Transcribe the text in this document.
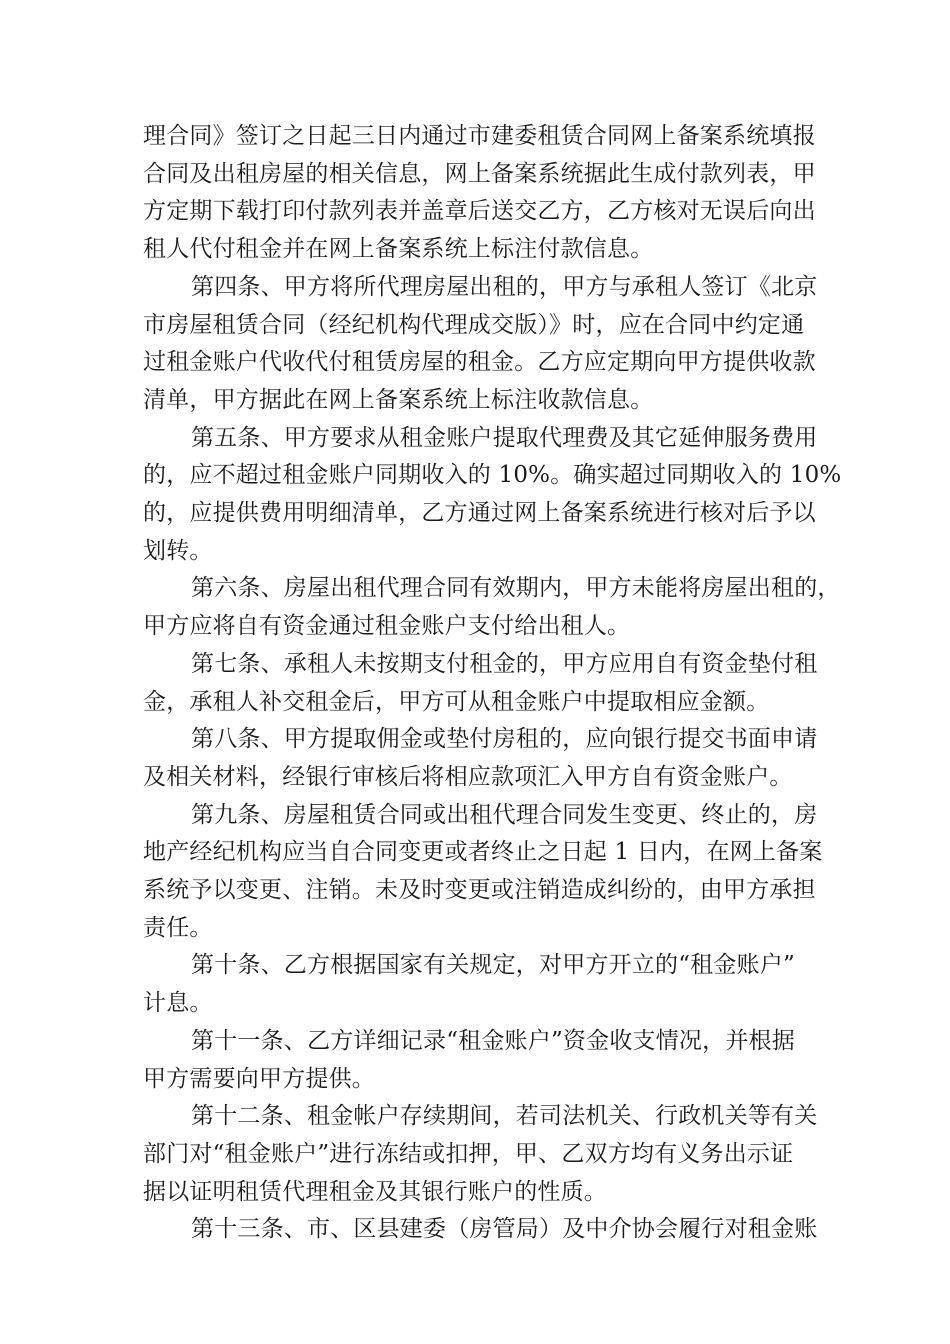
理合同》签订之日起三日内通过市建委租赁合同网上备案系统填报
合同及出租房屋的相关信息，网上备案系统据此生成付款列表，甲
方定期下载打印付款列表并盖章后送交乙方，乙方核对无误后向出
租人代付租金并在网上备案系统上标注付款信息。

第四条、甲方将所代理房屋出租的，甲方与承租人签订《北京
市房屋租赁合同（经纪机构代理成交版）》时，应在合同中约定通
过租金账户代收代付租赁房屋的租金。乙方应定期向甲方提供收款
清单，甲方据此在网上备案系统上标注收款信息。

第五条、甲方要求从租金账户提取代理费及其它延伸服务费用
的，应不超过租金账户同期收入的 10%。确实超过同期收入的 10%
的，应提供费用明细清单，乙方通过网上备案系统进行核对后予以
划转。

第六条、房屋出租代理合同有效期内，甲方未能将房屋出租的，
甲方应将自有资金通过租金账户支付给出租人。

第七条、承租人未按期支付租金的，甲方应用自有资金垫付租
金，承租人补交租金后，甲方可从租金账户中提取相应金额。

第八条、甲方提取佣金或垫付房租的，应向银行提交书面申请
及相关材料，经银行审核后将相应款项汇入甲方自有资金账户。

第九条、房屋租赁合同或出租代理合同发生变更、终止的，房
地产经纪机构应当自合同变更或者终止之日起 1 日内，在网上备案
系统予以变更、注销。未及时变更或注销造成纠纷的，由甲方承担
责任。

第十条、乙方根据国家有关规定，对甲方开立的“租金账户”
计息。

第十一条、乙方详细记录“租金账户”资金收支情况，并根据
甲方需要向甲方提供。

第十二条、租金帐户存续期间，若司法机关、行政机关等有关
部门对“租金账户”进行冻结或扣押，甲、乙双方均有义务出示证
据以证明租赁代理租金及其银行账户的性质。

第十三条、市、区县建委（房管局）及中介协会履行对租金账
